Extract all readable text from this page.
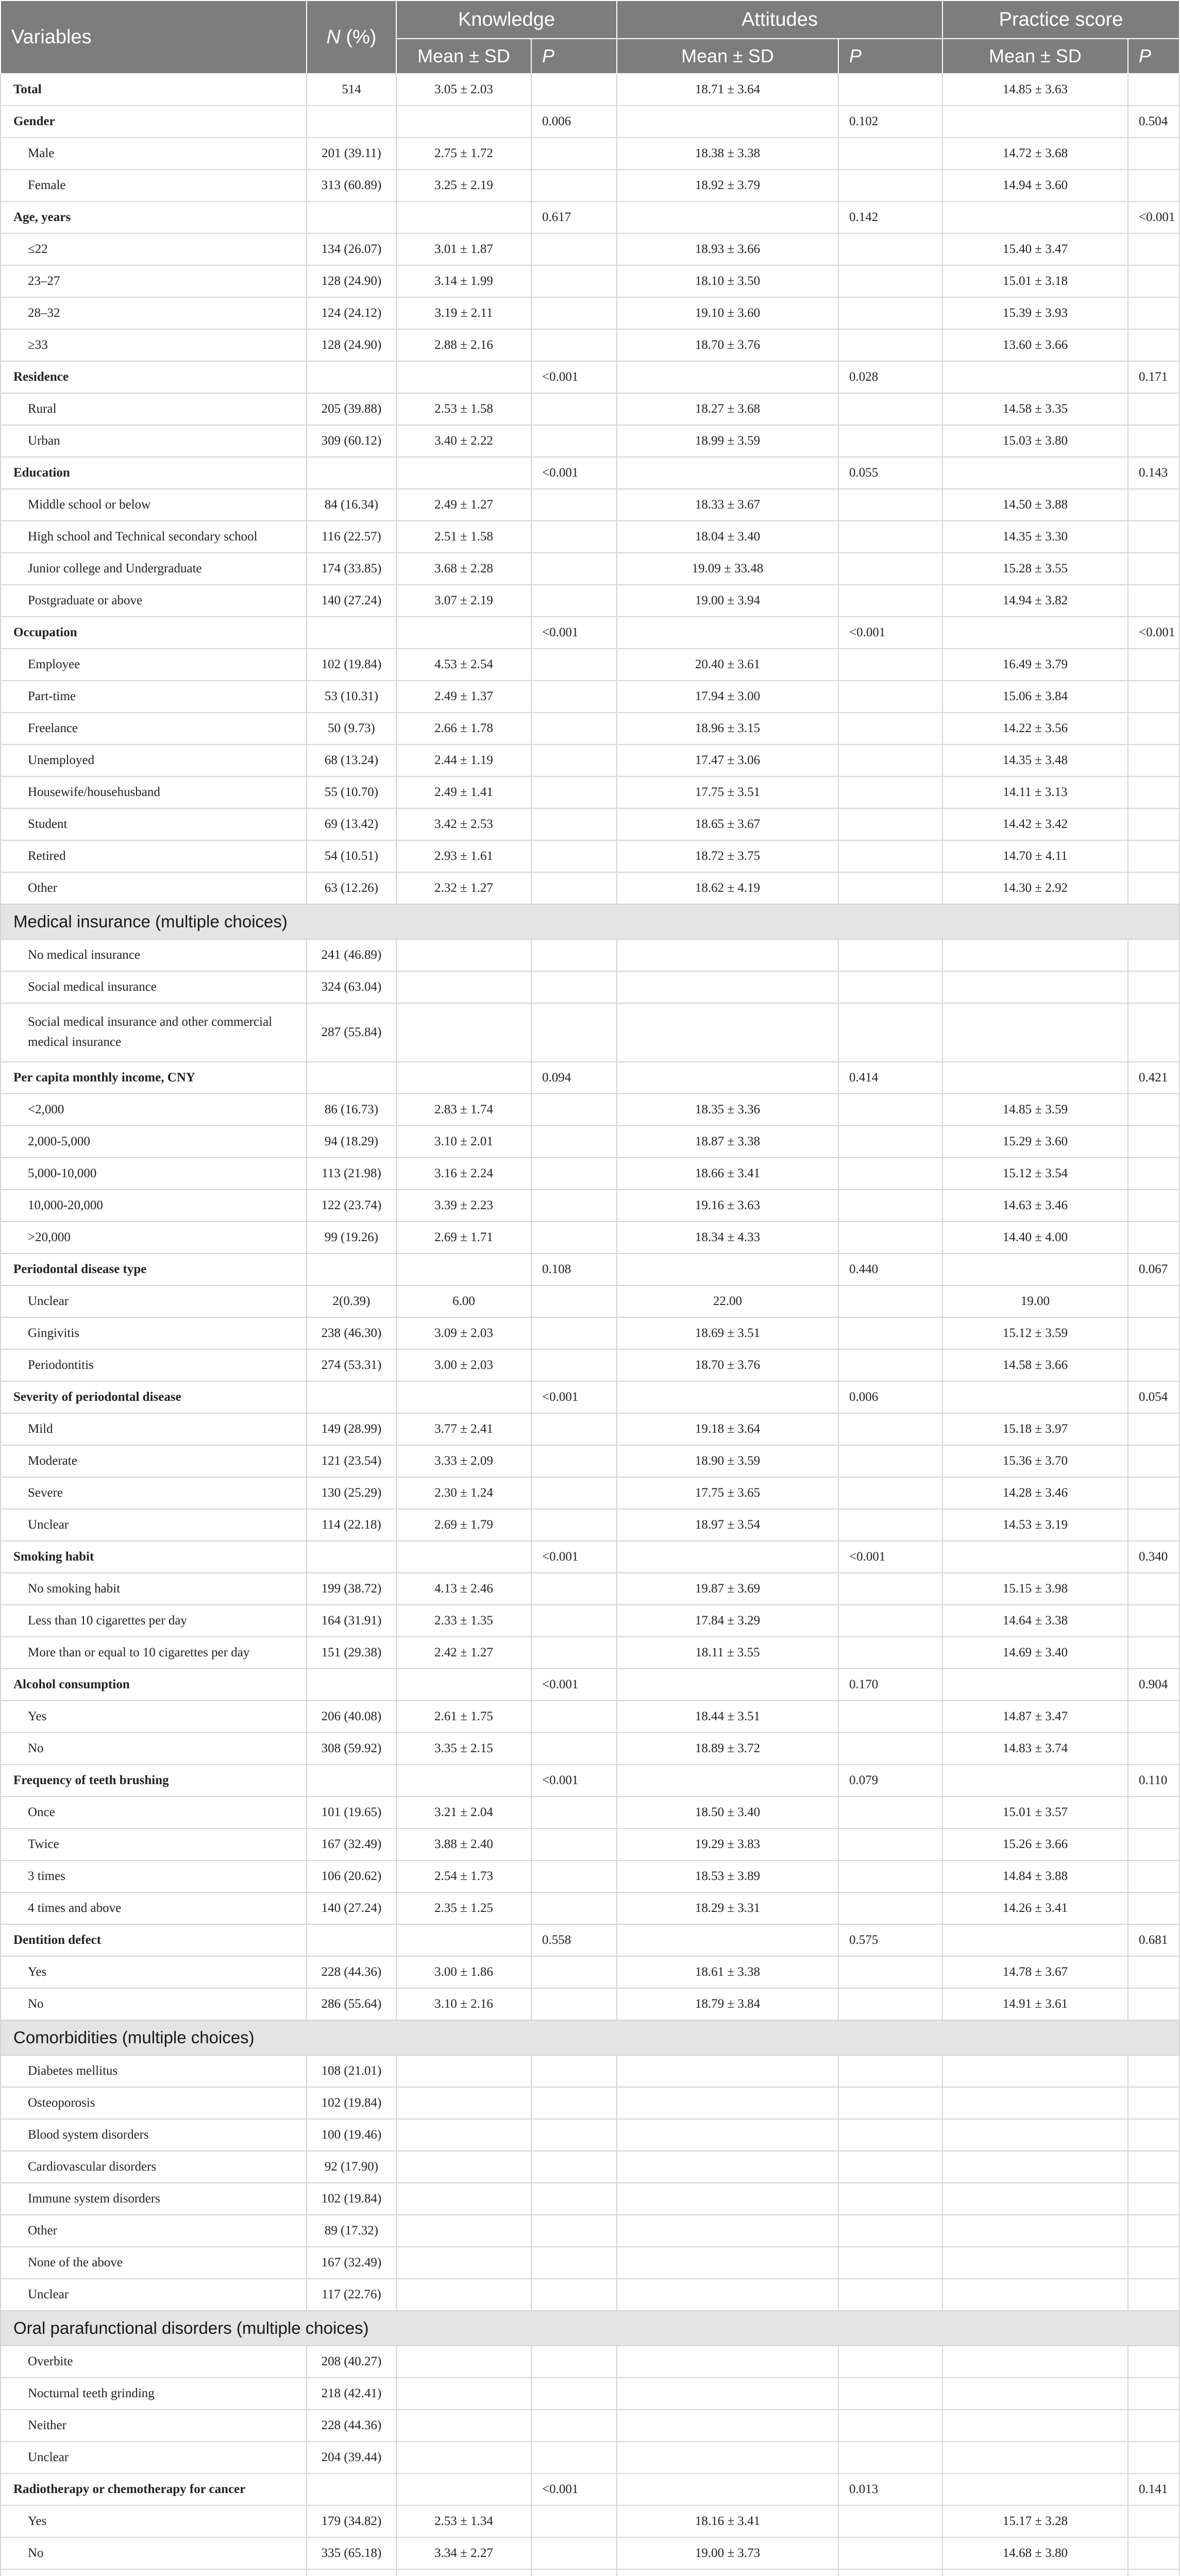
Variables	N (%)	Knowledge		Attitudes		Practice score	
		Mean ± SD	P	Mean ± SD	P	Mean ± SD	P
Total	514	3.05 ± 2.03		18.71 ± 3.64		14.85 ± 3.63	
Gender			0.006		0.102		0.504
Male	201 (39.11)	2.75 ± 1.72		18.38 ± 3.38		14.72 ± 3.68	
Female	313 (60.89)	3.25 ± 2.19		18.92 ± 3.79		14.94 ± 3.60	
Age, years			0.617		0.142		<0.001
≤22	134 (26.07)	3.01 ± 1.87		18.93 ± 3.66		15.40 ± 3.47	
23–27	128 (24.90)	3.14 ± 1.99		18.10 ± 3.50		15.01 ± 3.18	
28–32	124 (24.12)	3.19 ± 2.11		19.10 ± 3.60		15.39 ± 3.93	
≥33	128 (24.90)	2.88 ± 2.16		18.70 ± 3.76		13.60 ± 3.66	
Residence			<0.001		0.028		0.171
Rural	205 (39.88)	2.53 ± 1.58		18.27 ± 3.68		14.58 ± 3.35	
Urban	309 (60.12)	3.40 ± 2.22		18.99 ± 3.59		15.03 ± 3.80	
Education			<0.001		0.055		0.143
Middle school or below	84 (16.34)	2.49 ± 1.27		18.33 ± 3.67		14.50 ± 3.88	
High school and Technical secondary school	116 (22.57)	2.51 ± 1.58		18.04 ± 3.40		14.35 ± 3.30	
Junior college and Undergraduate	174 (33.85)	3.68 ± 2.28		19.09 ± 33.48		15.28 ± 3.55	
Postgraduate or above	140 (27.24)	3.07 ± 2.19		19.00 ± 3.94		14.94 ± 3.82	
Occupation			<0.001		<0.001		<0.001
Employee	102 (19.84)	4.53 ± 2.54		20.40 ± 3.61		16.49 ± 3.79	
Part-time	53 (10.31)	2.49 ± 1.37		17.94 ± 3.00		15.06 ± 3.84	
Freelance	50 (9.73)	2.66 ± 1.78		18.96 ± 3.15		14.22 ± 3.56	
Unemployed	68 (13.24)	2.44 ± 1.19		17.47 ± 3.06		14.35 ± 3.48	
Housewife/househusband	55 (10.70)	2.49 ± 1.41		17.75 ± 3.51		14.11 ± 3.13	
Student	69 (13.42)	3.42 ± 2.53		18.65 ± 3.67		14.42 ± 3.42	
Retired	54 (10.51)	2.93 ± 1.61		18.72 ± 3.75		14.70 ± 4.11	
Other	63 (12.26)	2.32 ± 1.27		18.62 ± 4.19		14.30 ± 2.92	
Medical insurance (multiple choices)							
No medical insurance	241 (46.89)						
Social medical insurance	324 (63.04)						
Social medical insurance and other commercial medical insurance	287 (55.84)						
Per capita monthly income, CNY			0.094		0.414		0.421
<2,000	86 (16.73)	2.83 ± 1.74		18.35 ± 3.36		14.85 ± 3.59	
2,000-5,000	94 (18.29)	3.10 ± 2.01		18.87 ± 3.38		15.29 ± 3.60	
5,000-10,000	113 (21.98)	3.16 ± 2.24		18.66 ± 3.41		15.12 ± 3.54	
10,000-20,000	122 (23.74)	3.39 ± 2.23		19.16 ± 3.63		14.63 ± 3.46	
>20,000	99 (19.26)	2.69 ± 1.71		18.34 ± 4.33		14.40 ± 4.00	
Periodontal disease type			0.108		0.440		0.067
Unclear	2(0.39)	6.00		22.00		19.00	
Gingivitis	238 (46.30)	3.09 ± 2.03		18.69 ± 3.51		15.12 ± 3.59	
Periodontitis	274 (53.31)	3.00 ± 2.03		18.70 ± 3.76		14.58 ± 3.66	
Severity of periodontal disease			<0.001		0.006		0.054
Mild	149 (28.99)	3.77 ± 2.41		19.18 ± 3.64		15.18 ± 3.97	
Moderate	121 (23.54)	3.33 ± 2.09		18.90 ± 3.59		15.36 ± 3.70	
Severe	130 (25.29)	2.30 ± 1.24		17.75 ± 3.65		14.28 ± 3.46	
Unclear	114 (22.18)	2.69 ± 1.79		18.97 ± 3.54		14.53 ± 3.19	
Smoking habit			<0.001		<0.001		0.340
No smoking habit	199 (38.72)	4.13 ± 2.46		19.87 ± 3.69		15.15 ± 3.98	
Less than 10 cigarettes per day	164 (31.91)	2.33 ± 1.35		17.84 ± 3.29		14.64 ± 3.38	
More than or equal to 10 cigarettes per day	151 (29.38)	2.42 ± 1.27		18.11 ± 3.55		14.69 ± 3.40	
Alcohol consumption			<0.001		0.170		0.904
Yes	206 (40.08)	2.61 ± 1.75		18.44 ± 3.51		14.87 ± 3.47	
No	308 (59.92)	3.35 ± 2.15		18.89 ± 3.72		14.83 ± 3.74	
Frequency of teeth brushing			<0.001		0.079		0.110
Once	101 (19.65)	3.21 ± 2.04		18.50 ± 3.40		15.01 ± 3.57	
Twice	167 (32.49)	3.88 ± 2.40		19.29 ± 3.83		15.26 ± 3.66	
3 times	106 (20.62)	2.54 ± 1.73		18.53 ± 3.89		14.84 ± 3.88	
4 times and above	140 (27.24)	2.35 ± 1.25		18.29 ± 3.31		14.26 ± 3.41	
Dentition defect			0.558		0.575		0.681
Yes	228 (44.36)	3.00 ± 1.86		18.61 ± 3.38		14.78 ± 3.67	
No	286 (55.64)	3.10 ± 2.16		18.79 ± 3.84		14.91 ± 3.61	
Comorbidities (multiple choices)							
Diabetes mellitus	108 (21.01)						
Osteoporosis	102 (19.84)						
Blood system disorders	100 (19.46)						
Cardiovascular disorders	92 (17.90)						
Immune system disorders	102 (19.84)						
Other	89 (17.32)						
None of the above	167 (32.49)						
Unclear	117 (22.76)						
Oral parafunctional disorders (multiple choices)							
Overbite	208 (40.27)						
Nocturnal teeth grinding	218 (42.41)						
Neither	228 (44.36)						
Unclear	204 (39.44)						
Radiotherapy or chemotherapy for cancer			<0.001		0.013		0.141
Yes	179 (34.82)	2.53 ± 1.34		18.16 ± 3.41		15.17 ± 3.28	
No	335 (65.18)	3.34 ± 2.27		19.00 ± 3.73		14.68 ± 3.80	
